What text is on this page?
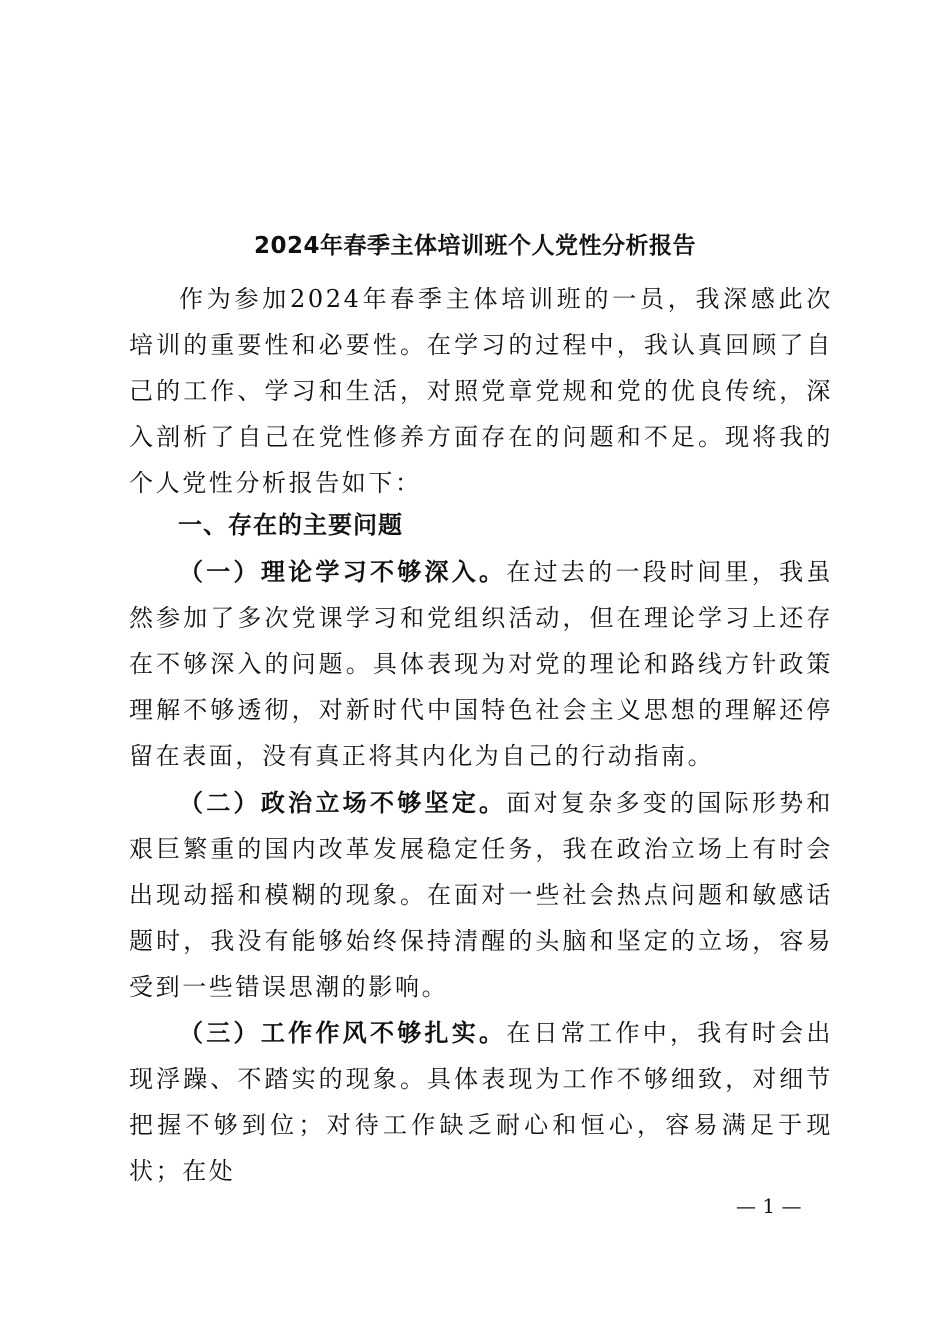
2024年春季主体培训班个人党性分析报告

作为参加2024年春季主体培训班的一员，我深感此次培训的重要性和必要性。在学习的过程中，我认真回顾了自己的工作、学习和生活，对照党章党规和党的优良传统，深入剖析了自己在党性修养方面存在的问题和不足。现将我的个人党性分析报告如下：

一、存在的主要问题

（一）理论学习不够深入。在过去的一段时间里，我虽然参加了多次党课学习和党组织活动，但在理论学习上还存在不够深入的问题。具体表现为对党的理论和路线方针政策理解不够透彻，对新时代中国特色社会主义思想的理解还停留在表面，没有真正将其内化为自己的行动指南。

（二）政治立场不够坚定。面对复杂多变的国际形势和艰巨繁重的国内改革发展稳定任务，我在政治立场上有时会出现动摇和模糊的现象。在面对一些社会热点问题和敏感话题时，我没有能够始终保持清醒的头脑和坚定的立场，容易受到一些错误思潮的影响。

（三）工作作风不够扎实。在日常工作中，我有时会出现浮躁、不踏实的现象。具体表现为工作不够细致，对细节把握不够到位；对待工作缺乏耐心和恒心，容易满足于现状；在处

— 1 —
